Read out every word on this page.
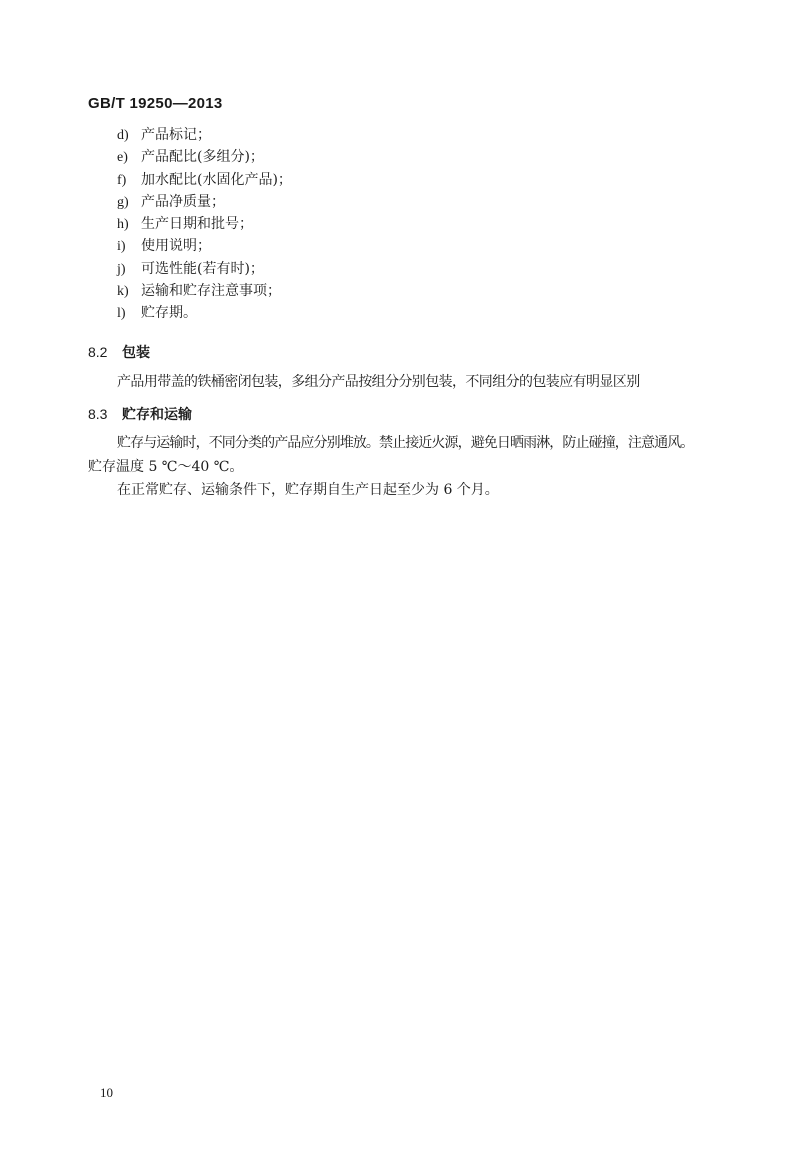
GB/T 19250—2013
d) 产品标记；
e) 产品配比(多组分)；
f) 加水配比(水固化产品)；
g) 产品净质量；
h) 生产日期和批号；
i) 使用说明；
j) 可选性能(若有时)；
k) 运输和贮存注意事项；
l) 贮存期。
8.2 包装
产品用带盖的铁桶密闭包装，多组分产品按组分分别包装，不同组分的包装应有明显区别
8.3 贮存和运输
贮存与运输时，不同分类的产品应分别堆放。禁止接近火源，避免日晒雨淋，防止碰撞，注意通风。
贮存温度 5 ℃～40 ℃。
在正常贮存、运输条件下，贮存期自生产日起至少为 6 个月。
10
